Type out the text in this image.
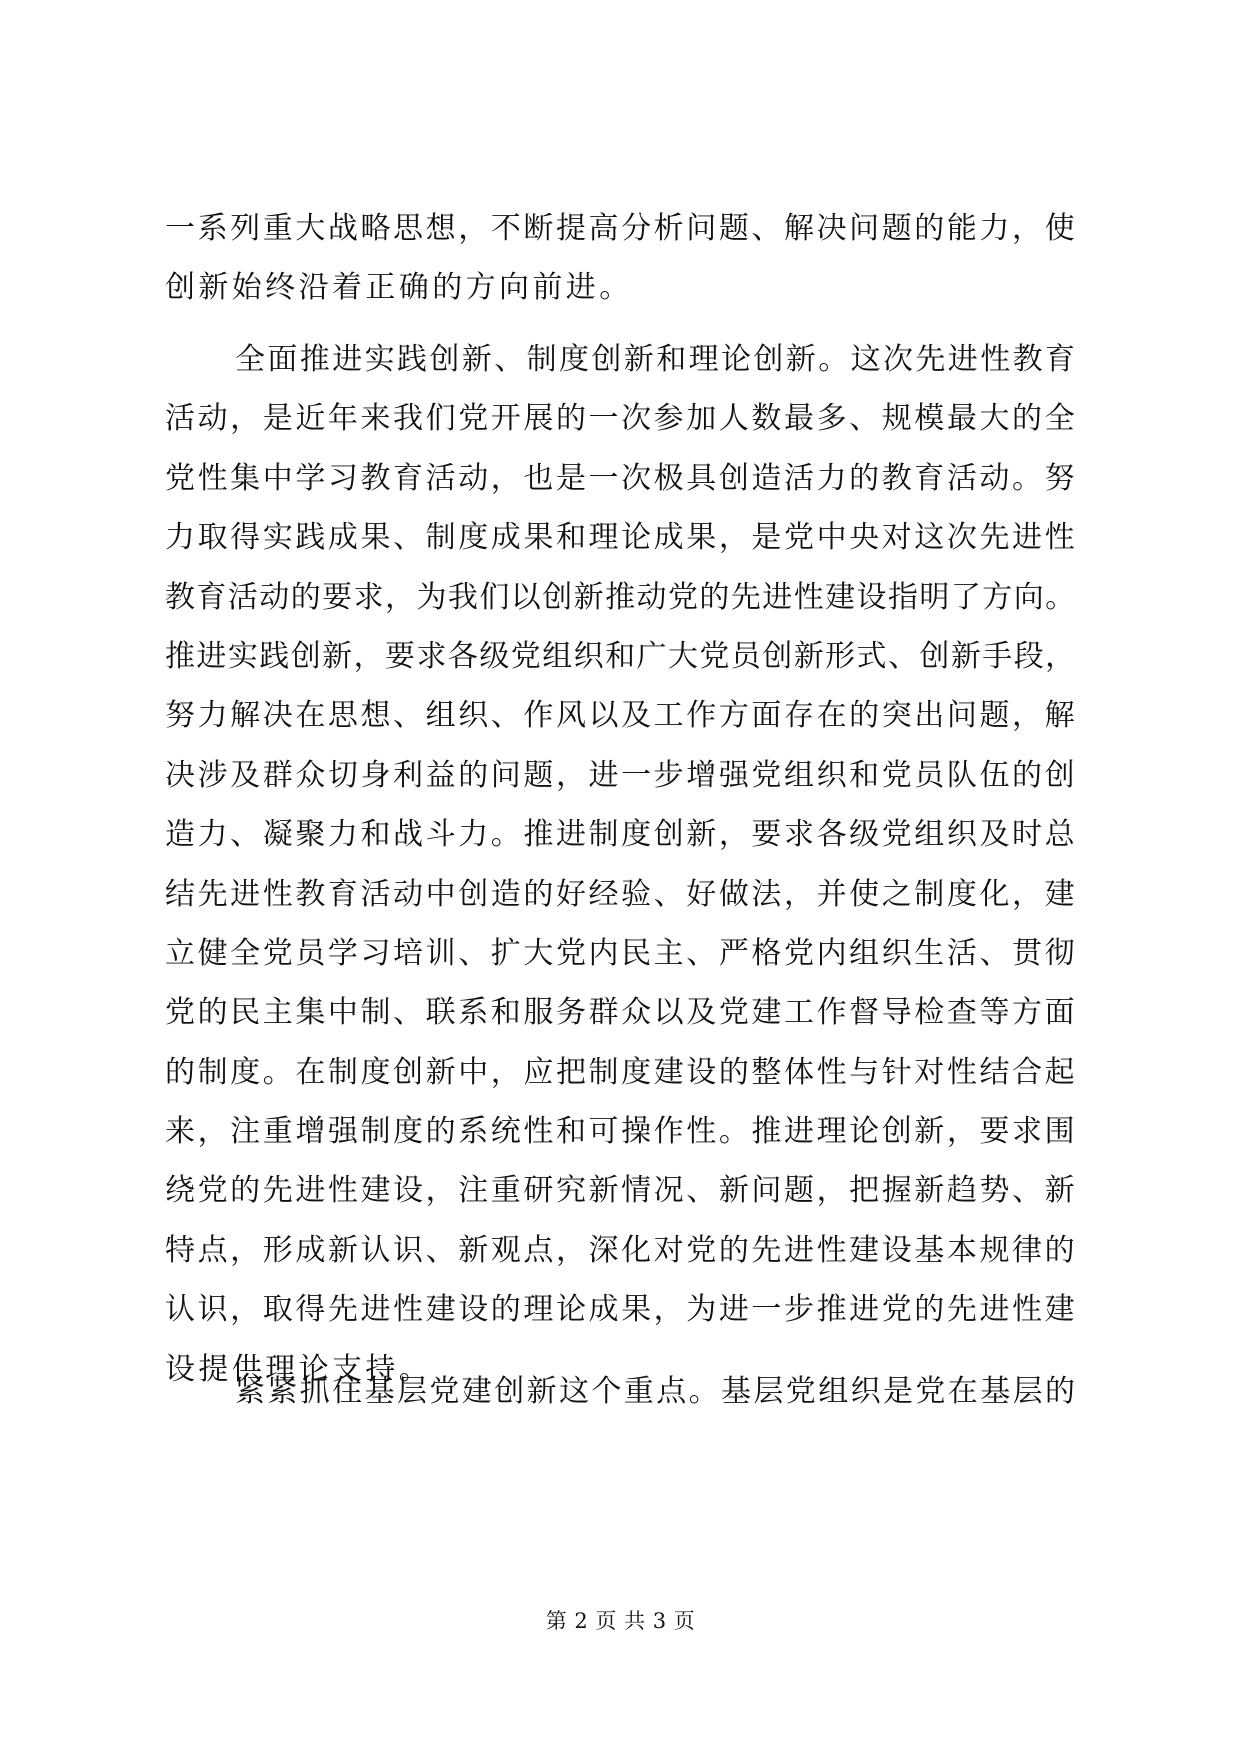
一系列重大战略思想，不断提高分析问题、解决问题的能力，使
创新始终沿着正确的方向前进。
全面推进实践创新、制度创新和理论创新。这次先进性教育
活动，是近年来我们党开展的一次参加人数最多、规模最大的全
党性集中学习教育活动，也是一次极具创造活力的教育活动。努
力取得实践成果、制度成果和理论成果，是党中央对这次先进性
教育活动的要求，为我们以创新推动党的先进性建设指明了方向。
推进实践创新，要求各级党组织和广大党员创新形式、创新手段，
努力解决在思想、组织、作风以及工作方面存在的突出问题，解
决涉及群众切身利益的问题，进一步增强党组织和党员队伍的创
造力、凝聚力和战斗力。推进制度创新，要求各级党组织及时总
结先进性教育活动中创造的好经验、好做法，并使之制度化，建
立健全党员学习培训、扩大党内民主、严格党内组织生活、贯彻
党的民主集中制、联系和服务群众以及党建工作督导检查等方面
的制度。在制度创新中，应把制度建设的整体性与针对性结合起
来，注重增强制度的系统性和可操作性。推进理论创新，要求围
绕党的先进性建设，注重研究新情况、新问题，把握新趋势、新
特点，形成新认识、新观点，深化对党的先进性建设基本规律的
认识，取得先进性建设的理论成果，为进一步推进党的先进性建
设提供理论支持。
紧紧抓住基层党建创新这个重点。基层党组织是党在基层的
第 2 页 共 3 页
